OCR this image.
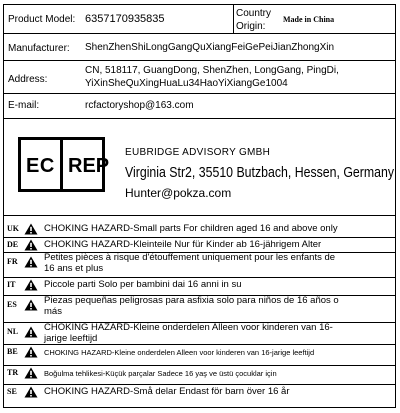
Product Model: 6357170935835	Country
Origin:
Made in China
Manufacturer: ShenZhenShiLongGangQuXiangFeiGePeiJianZhongXin
Address:
CN, 518117, GuangDong, ShenZhen, LongGang, PingDi,
YiXinSheQuXingHuaLu34HaoYiXiangGe1004
E-mail:	rcfactoryshop@163.com
EC REP
EUBRIDGE ADVISORY GMBH
Virginia Str2, 35510 Butzbach, Hessen, Germany
Hunter@pokza.com
UK	CHOKING HAZARD-Small parts For children aged 16 and above only
DE	CHOKING HAZARD-Kleinteile Nur für Kinder ab 16-jährigem Alter
FR	Petites pièces à risque d'étouffement uniquement pour les enfants de
16 ans et plus
IT	Piccole parti Solo per bambini dai 16 anni in su
ES	Piezas pequeñas peligrosas para asfixia solo para niños de 16 años o
más
NL	CHOKING HAZARD-Kleine onderdelen Alleen voor kinderen van 16-
jarige leeftijd
BE	CHOKING HAZARD-Kleine onderdelen Alleen voor kinderen van 16-jarige leeftijd
TR	Boğulma tehlikesi-Küçük parçalar Sadece 16 yaş ve üstü çocuklar için
SE	CHOKING HAZARD-Små delar Endast för barn över 16 år
